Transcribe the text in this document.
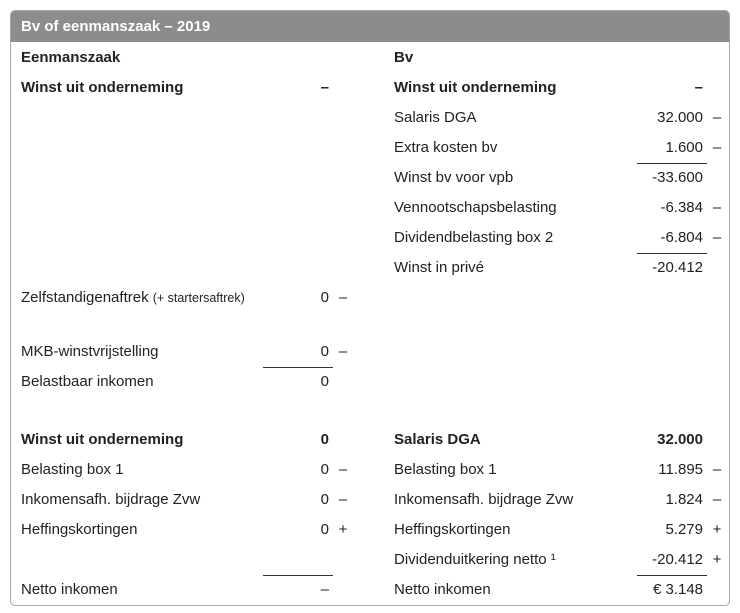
Bv of eenmanszaak – 2019
Eenmanszaak
Winst uit onderneming	–
Zelfstandigenaftrek (+ startersaftrek)	0 –
MKB-winstvrijstelling	0 –
Belastbaar inkomen	0
Winst uit onderneming	0
Belasting box 1	0 –
Inkomensafh. bijdrage Zvw	0 –
Heffingskortingen	0 +
Netto inkomen	–
Bv
Winst uit onderneming	–
Salaris DGA	32.000 –
Extra kosten bv	1.600 –
Winst bv voor vpb	-33.600
Vennootschapsbelasting	-6.384 –
Dividendbelasting box 2	-6.804 –
Winst in privé	-20.412
Salaris DGA	32.000
Belasting box 1	11.895 –
Inkomensafh. bijdrage Zvw	1.824 –
Heffingskortingen	5.279 +
Dividenduitkering netto ¹	-20.412 +
Netto inkomen	€ 3.148
